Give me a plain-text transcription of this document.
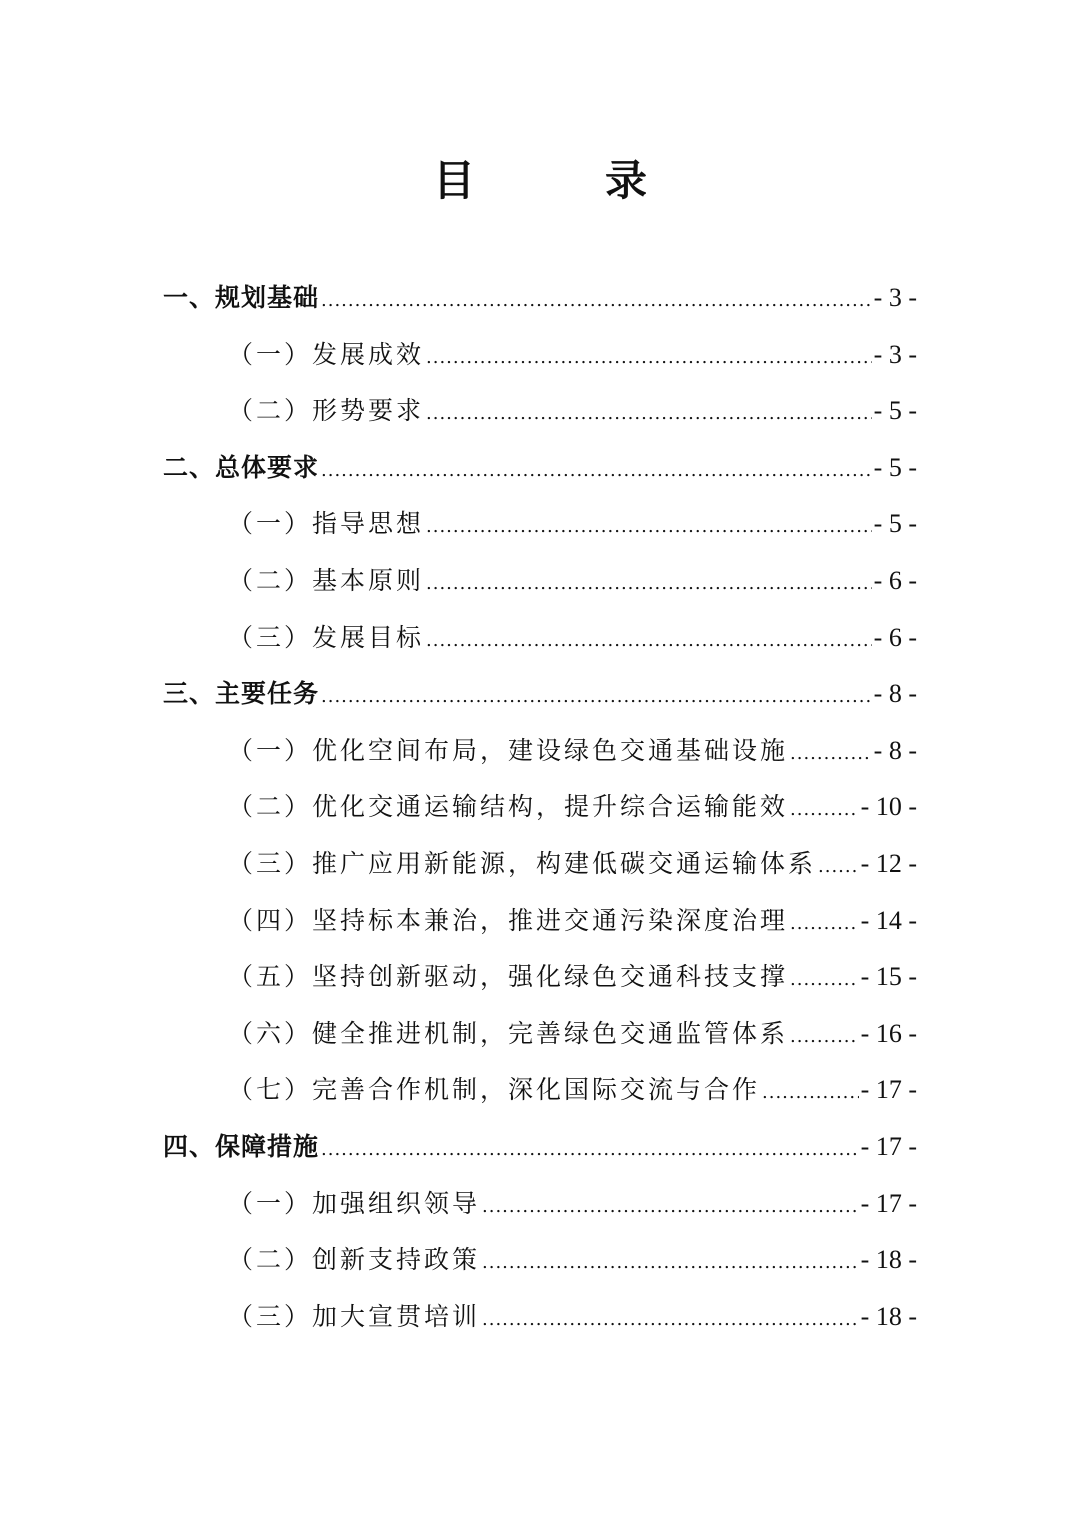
目　录
一、规划基础 .....	- 3 -
（一）发展成效 .....	- 3 -
（二）形势要求 .....	- 5 -
二、总体要求 .....	- 5 -
（一）指导思想 .....	- 5 -
（二）基本原则 .....	- 6 -
（三）发展目标 .....	- 6 -
三、主要任务 .....	- 8 -
（一）优化空间布局，建设绿色交通基础设施 .....	- 8 -
（二）优化交通运输结构，提升综合运输能效 .....	- 10 -
（三）推广应用新能源，构建低碳交通运输体系 ..... - 12 -
（四）坚持标本兼治，推进交通污染深度治理 .....	- 14 -
（五）坚持创新驱动，强化绿色交通科技支撑 .....	- 15 -
（六）健全推进机制，完善绿色交通监管体系 .....	- 16 -
（七）完善合作机制，深化国际交流与合作 .....	- 17 -
四、保障措施 .....	- 17 -
（一）加强组织领导 .....	- 17 -
（二）创新支持政策 .....	- 18 -
（三）加大宣贯培训 .....	- 18 -
